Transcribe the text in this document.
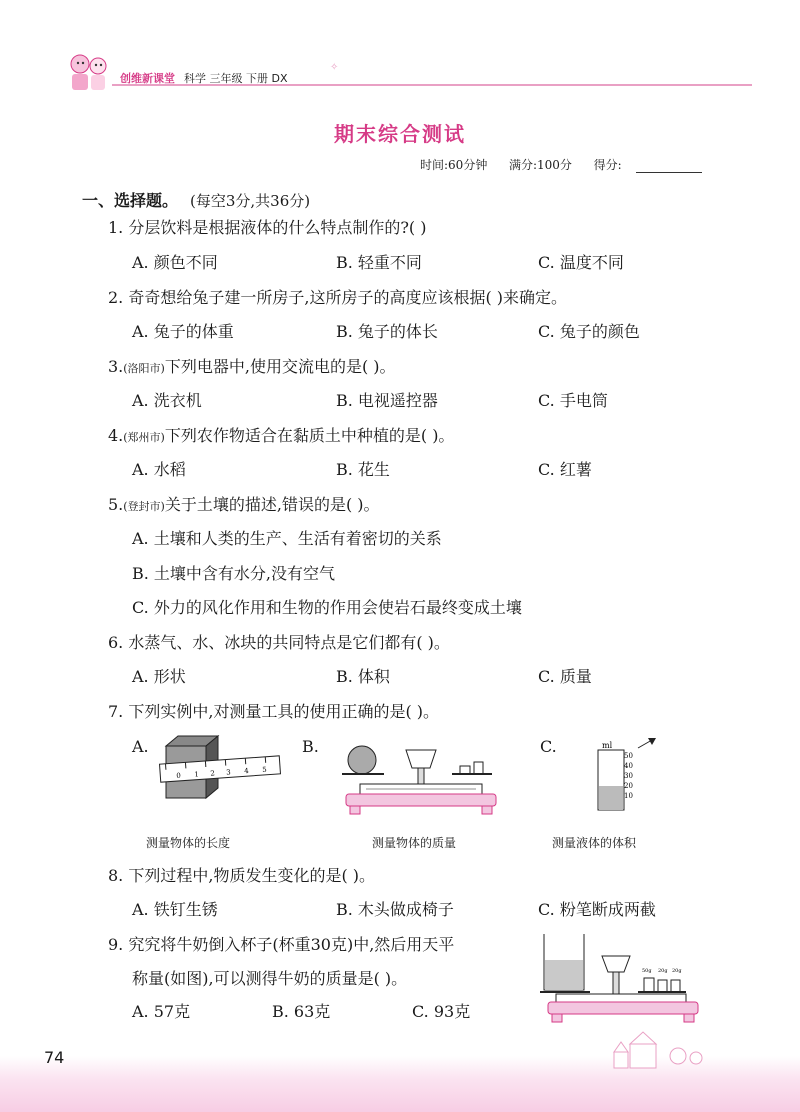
创维新课堂 科学 三年级 下册 DX
✧
期末综合测试
时间:60分钟 满分:100分 得分:
一、选择题。 (每空3分,共36分)
1. 分层饮料是根据液体的什么特点制作的?( )
A. 颜色不同	B. 轻重不同	C. 温度不同
2. 奇奇想给兔子建一所房子,这所房子的高度应该根据( )来确定。
A. 兔子的体重	B. 兔子的体长	C. 兔子的颜色
3.(洛阳市)下列电器中,使用交流电的是( )。
A. 洗衣机	B. 电视遥控器	C. 手电筒
4.(郑州市)下列农作物适合在黏质土中种植的是( )。
A. 水稻	B. 花生	C. 红薯
5.(登封市)关于土壤的描述,错误的是( )。
A. 土壤和人类的生产、生活有着密切的关系
B. 土壤中含有水分,没有空气
C. 外力的风化作用和生物的作用会使岩石最终变成土壤
6. 水蒸气、水、冰块的共同特点是它们都有( )。
A. 形状	B. 体积	C. 质量
7. 下列实例中,对测量工具的使用正确的是( )。
A.	B.	C.
0 1 2 3 4 5
ml
50
40
30
20
10
测量物体的长度	测量物体的质量	测量液体的体积
8. 下列过程中,物质发生变化的是( )。
A. 铁钉生锈	B. 木头做成椅子	C. 粉笔断成两截
9. 究究将牛奶倒入杯子(杯重30克)中,然后用天平
称量(如图),可以测得牛奶的质量是( )。
A. 57克	B. 63克	C. 93克
50g 20g 20g
74
